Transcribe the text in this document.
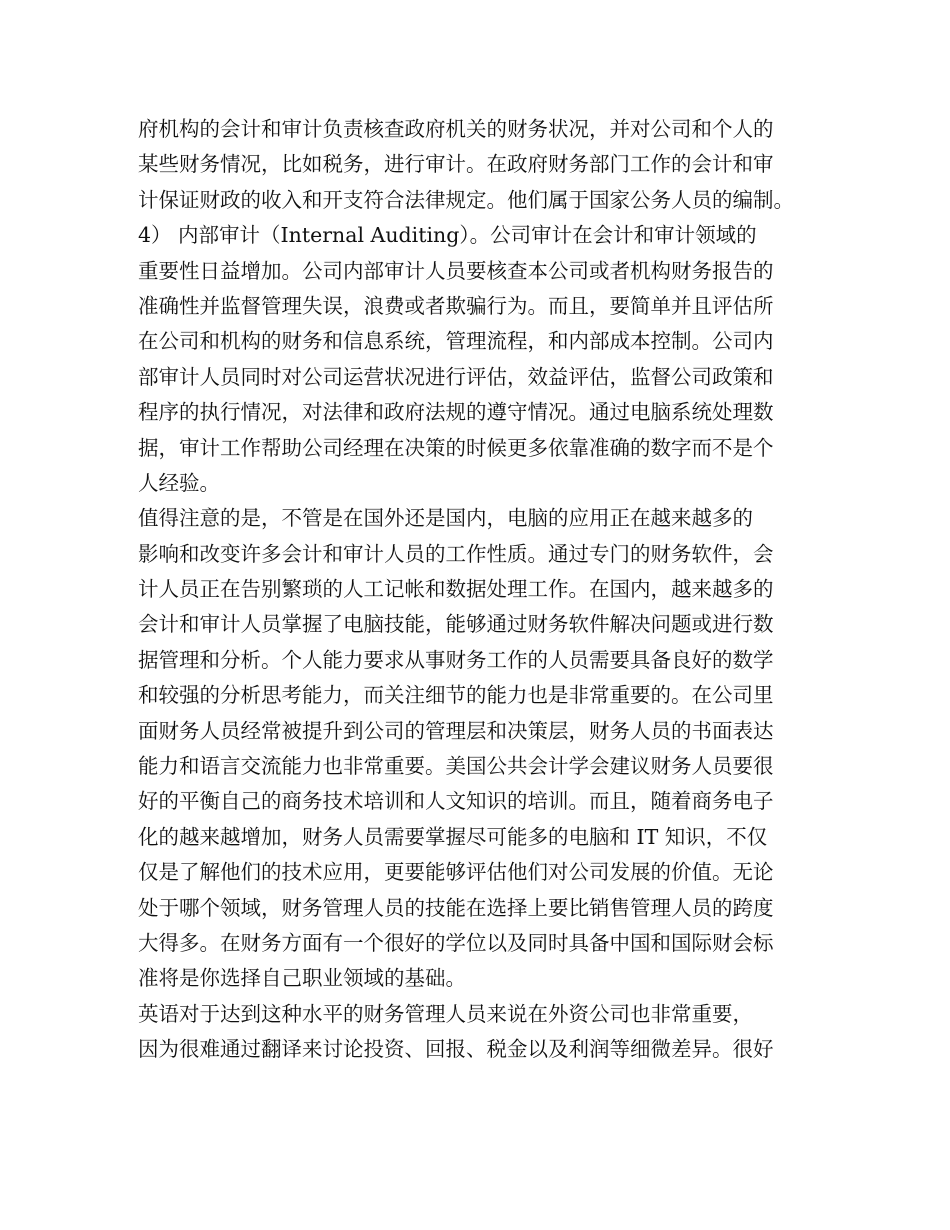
府机构的会计和审计负责核查政府机关的财务状况，并对公司和个人的
某些财务情况，比如税务，进行审计。在政府财务部门工作的会计和审
计保证财政的收入和开支符合法律规定。他们属于国家公务人员的编制。
4） 内部审计（Internal Auditing）。公司审计在会计和审计领域的
重要性日益增加。公司内部审计人员要核查本公司或者机构财务报告的
准确性并监督管理失误，浪费或者欺骗行为。而且，要简单并且评估所
在公司和机构的财务和信息系统，管理流程，和内部成本控制。公司内
部审计人员同时对公司运营状况进行评估，效益评估，监督公司政策和
程序的执行情况，对法律和政府法规的遵守情况。通过电脑系统处理数
据，审计工作帮助公司经理在决策的时候更多依靠准确的数字而不是个
人经验。
值得注意的是，不管是在国外还是国内，电脑的应用正在越来越多的
影响和改变许多会计和审计人员的工作性质。通过专门的财务软件，会
计人员正在告别繁琐的人工记帐和数据处理工作。在国内，越来越多的
会计和审计人员掌握了电脑技能，能够通过财务软件解决问题或进行数
据管理和分析。个人能力要求从事财务工作的人员需要具备良好的数学
和较强的分析思考能力，而关注细节的能力也是非常重要的。在公司里
面财务人员经常被提升到公司的管理层和决策层，财务人员的书面表达
能力和语言交流能力也非常重要。美国公共会计学会建议财务人员要很
好的平衡自己的商务技术培训和人文知识的培训。而且，随着商务电子
化的越来越增加，财务人员需要掌握尽可能多的电脑和 IT 知识，不仅
仅是了解他们的技术应用，更要能够评估他们对公司发展的价值。无论
处于哪个领域，财务管理人员的技能在选择上要比销售管理人员的跨度
大得多。在财务方面有一个很好的学位以及同时具备中国和国际财会标
准将是你选择自己职业领域的基础。
英语对于达到这种水平的财务管理人员来说在外资公司也非常重要，
因为很难通过翻译来讨论投资、回报、税金以及利润等细微差异。很好
